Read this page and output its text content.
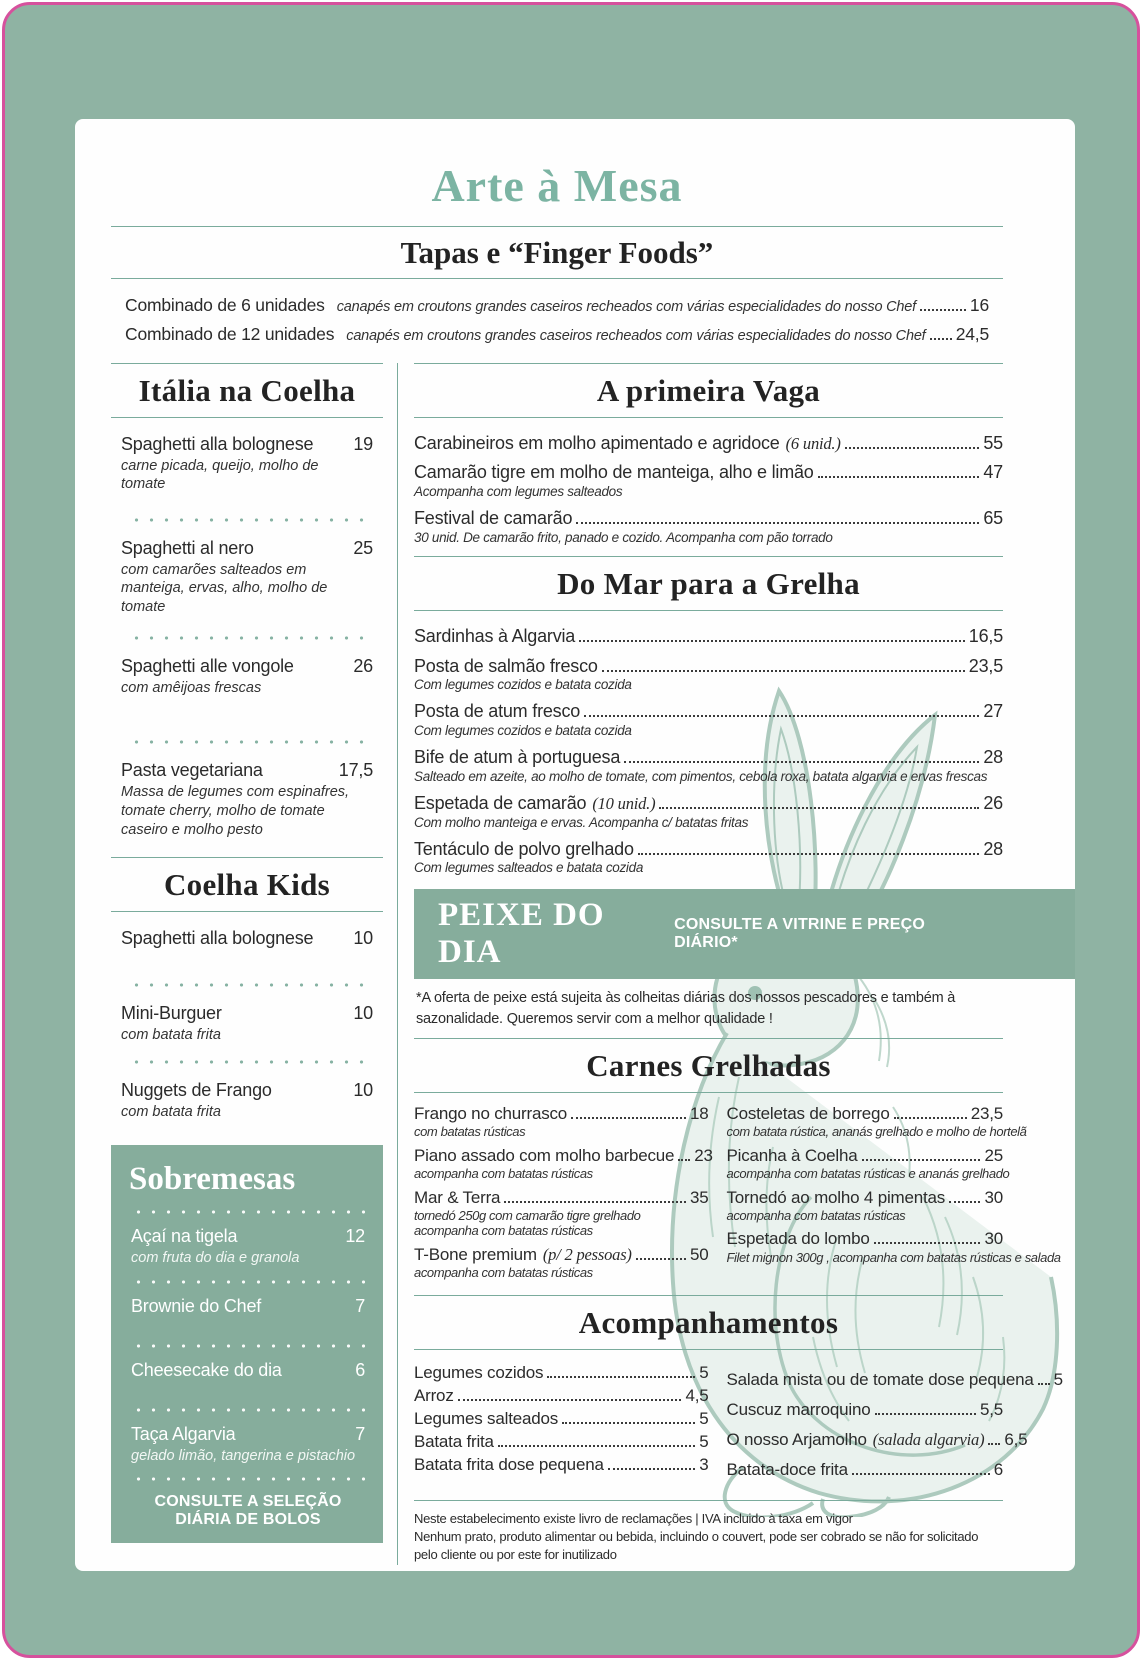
Arte à Mesa
Tapas e “Finger Foods”
Combinado de 6 unidades canapés em croutons grandes caseiros recheados com várias especialidades do nosso Chef	16
Combinado de 12 unidades canapés em croutons grandes caseiros recheados com várias especialidades do nosso Chef 24,5
Itália na Coelha
Spaghetti alla bolognese 19
carne picada, queijo, molho de tomate
Spaghetti al nero	25
com camarões salteados em manteiga, ervas, alho, molho de tomate
Spaghetti alle vongole	26
com amêijoas frescas
Pasta vegetariana	17,5
Massa de legumes com espinafres, tomate cherry, molho de tomate caseiro e molho pesto
Coelha Kids
Spaghetti alla bolognese 10
Mini-Burguer	10
com batata frita
Nuggets de Frango	10
com batata frita
Sobremesas
Açaí na tigela	12
com fruta do dia e granola
Brownie do Chef	7
Cheesecake do dia	6
Taça Algarvia	7
gelado limão, tangerina e pistachio
CONSULTE A SELEÇÃO DIÁRIA DE BOLOS
A primeira Vaga
Carabineiros em molho apimentado e agridoce (6 unid.)	55
Camarão tigre em molho de manteiga, alho e limão	47
Acompanha com legumes salteados
Festival de camarão	65
30 unid. De camarão frito, panado e cozido. Acompanha com pão torrado
Do Mar para a Grelha
Sardinhas à Algarvia	16,5
Posta de salmão fresco	23,5
Com legumes cozidos e batata cozida
Posta de atum fresco	27
Com legumes cozidos e batata cozida
Bife de atum à portuguesa	28
Salteado em azeite, ao molho de tomate, com pimentos, cebola roxa, batata algarvia e ervas frescas
Espetada de camarão (10 unid.)	26
Com molho manteiga e ervas. Acompanha c/ batatas fritas
Tentáculo de polvo grelhado	28
Com legumes salteados e batata cozida
PEIXE DO DIA
CONSULTE A VITRINE E PREÇO DIÁRIO*
*A oferta de peixe está sujeita às colheitas diárias dos nossos pescadores e também à sazonalidade. Queremos servir com a melhor qualidade !
Carnes Grelhadas
Frango no churrasco	18
com batatas rústicas
Piano assado com molho barbecue 23
acompanha com batatas rústicas
Mar & Terra	35
tornedó 250g com camarão tigre grelhado
acompanha com batatas rústicas
T-Bone premium (p/ 2 pessoas)	50
acompanha com batatas rústicas
Costeletas de borrego	23,5
com batata rústica, ananás grelhado e molho de hortelã
Picanha à Coelha	25
acompanha com batatas rústicas e ananás grelhado
Tornedó ao molho 4 pimentas 30
acompanha com batatas rústicas
Espetada do lombo	30
Filet mignon 300g , acompanha com batatas rústicas e salada
Acompanhamentos
Legumes cozidos	5
Arroz	4,5
Legumes salteados	5
Batata frita	5
Batata frita dose pequena	3
Salada mista ou de tomate dose pequena 5
Cuscuz marroquino	5,5
O nosso Arjamolho (salada algarvia) 6,5
Batata-doce frita	6
Neste estabelecimento existe livro de reclamações | IVA incluido à taxa em vigor
Nenhum prato, produto alimentar ou bebida, incluindo o couvert, pode ser cobrado se não for solicitado pelo cliente ou por este for inutilizado
